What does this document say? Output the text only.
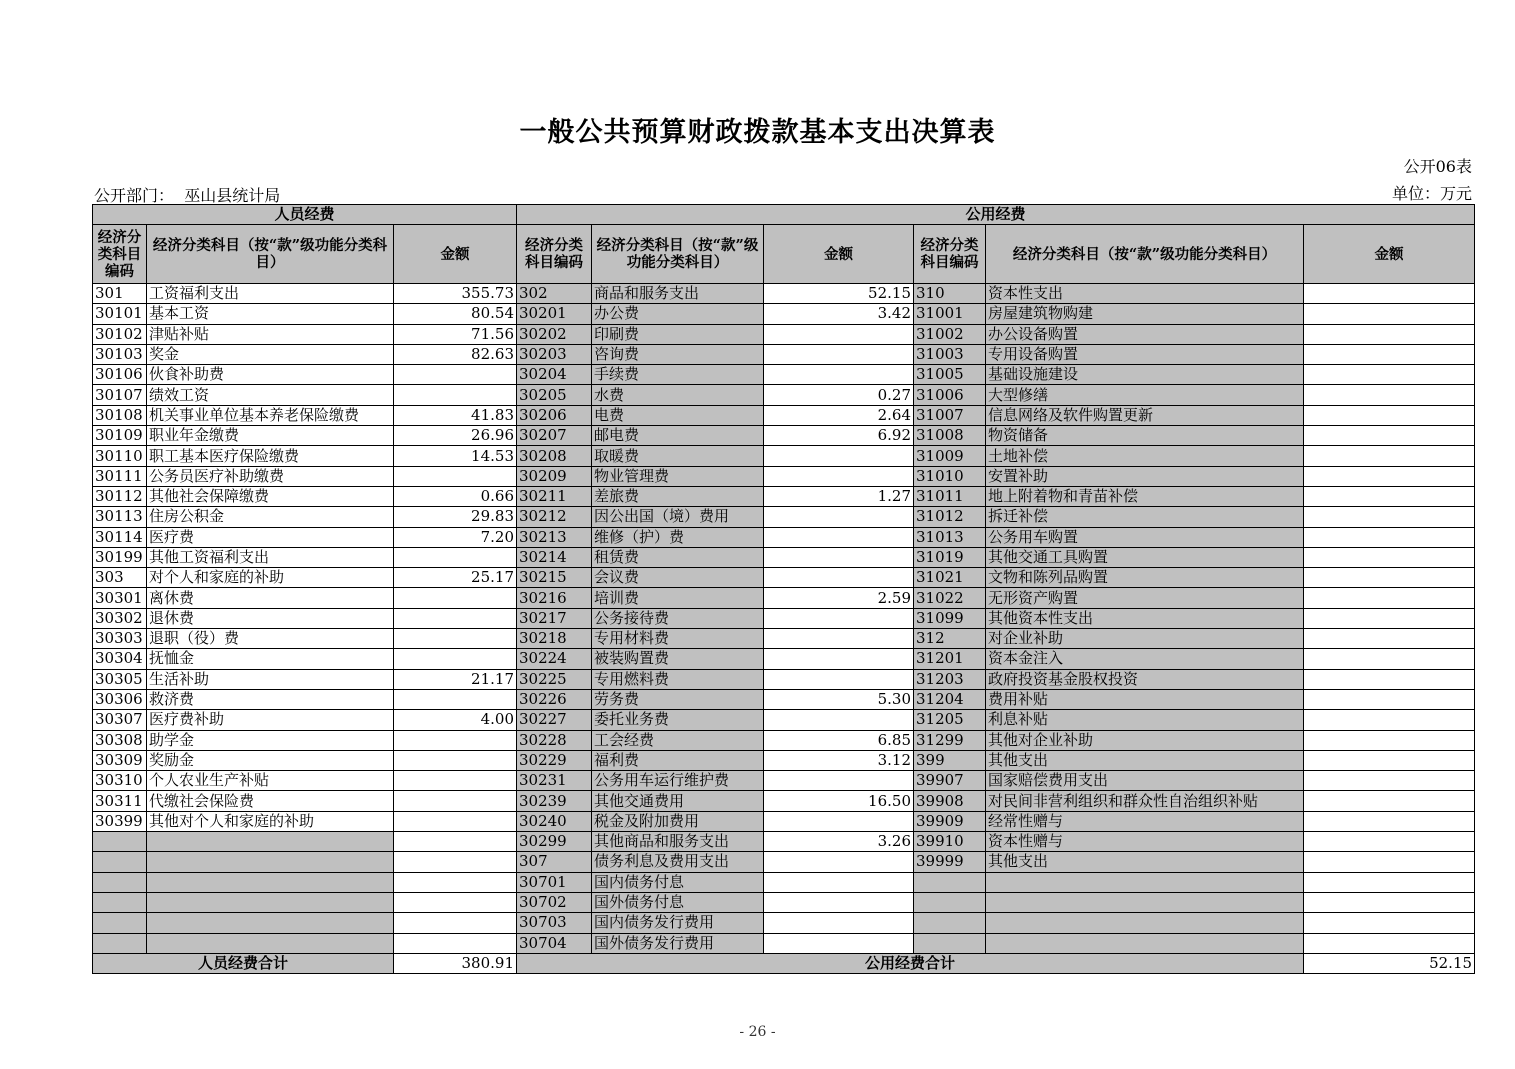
一般公共预算财政拨款基本支出决算表
公开06表
公开部门： 巫山县统计局	单位：万元
人员经费			公用经费					
经济分类科目编码	经济分类科目（按“款”级功能分类科目）	金额	经济分类科目编码	经济分类科目（按“款”级功能分类科目）	金额	经济分类科目编码	经济分类科目（按“款”级功能分类科目）	金额
301	工资福利支出	355.73	302	商品和服务支出	52.15	310	资本性支出	
30101	基本工资	80.54	30201	办公费	3.42	31001	房屋建筑物购建	
30102	津贴补贴	71.56	30202	印刷费		31002	办公设备购置	
30103	奖金	82.63	30203	咨询费		31003	专用设备购置	
30106	伙食补助费		30204	手续费		31005	基础设施建设	
30107	绩效工资		30205	水费	0.27	31006	大型修缮	
30108	机关事业单位基本养老保险缴费	41.83	30206	电费	2.64	31007	信息网络及软件购置更新	
30109	职业年金缴费	26.96	30207	邮电费	6.92	31008	物资储备	
30110	职工基本医疗保险缴费	14.53	30208	取暖费		31009	土地补偿	
30111	公务员医疗补助缴费		30209	物业管理费		31010	安置补助	
30112	其他社会保障缴费	0.66	30211	差旅费	1.27	31011	地上附着物和青苗补偿	
30113	住房公积金	29.83	30212	因公出国（境）费用		31012	拆迁补偿	
30114	医疗费	7.20	30213	维修（护）费		31013	公务用车购置	
30199	其他工资福利支出		30214	租赁费		31019	其他交通工具购置	
303	对个人和家庭的补助	25.17	30215	会议费		31021	文物和陈列品购置	
30301	离休费		30216	培训费	2.59	31022	无形资产购置	
30302	退休费		30217	公务接待费		31099	其他资本性支出	
30303	退职（役）费		30218	专用材料费		312	对企业补助	
30304	抚恤金		30224	被装购置费		31201	资本金注入	
30305	生活补助	21.17	30225	专用燃料费		31203	政府投资基金股权投资	
30306	救济费		30226	劳务费	5.30	31204	费用补贴	
30307	医疗费补助	4.00	30227	委托业务费		31205	利息补贴	
30308	助学金		30228	工会经费	6.85	31299	其他对企业补助	
30309	奖励金		30229	福利费	3.12	399	其他支出	
30310	个人农业生产补贴		30231	公务用车运行维护费		39907	国家赔偿费用支出	
30311	代缴社会保险费		30239	其他交通费用	16.50	39908	对民间非营利组织和群众性自治组织补贴	
30399	其他对个人和家庭的补助		30240	税金及附加费用		39909	经常性赠与	
			30299	其他商品和服务支出	3.26	39910	资本性赠与	
			307	债务利息及费用支出		39999	其他支出	
			30701	国内债务付息				
			30702	国外债务付息				
			30703	国内债务发行费用				
			30704	国外债务发行费用				
人员经费合计		380.91	公用经费合计					52.15
- 26 -
